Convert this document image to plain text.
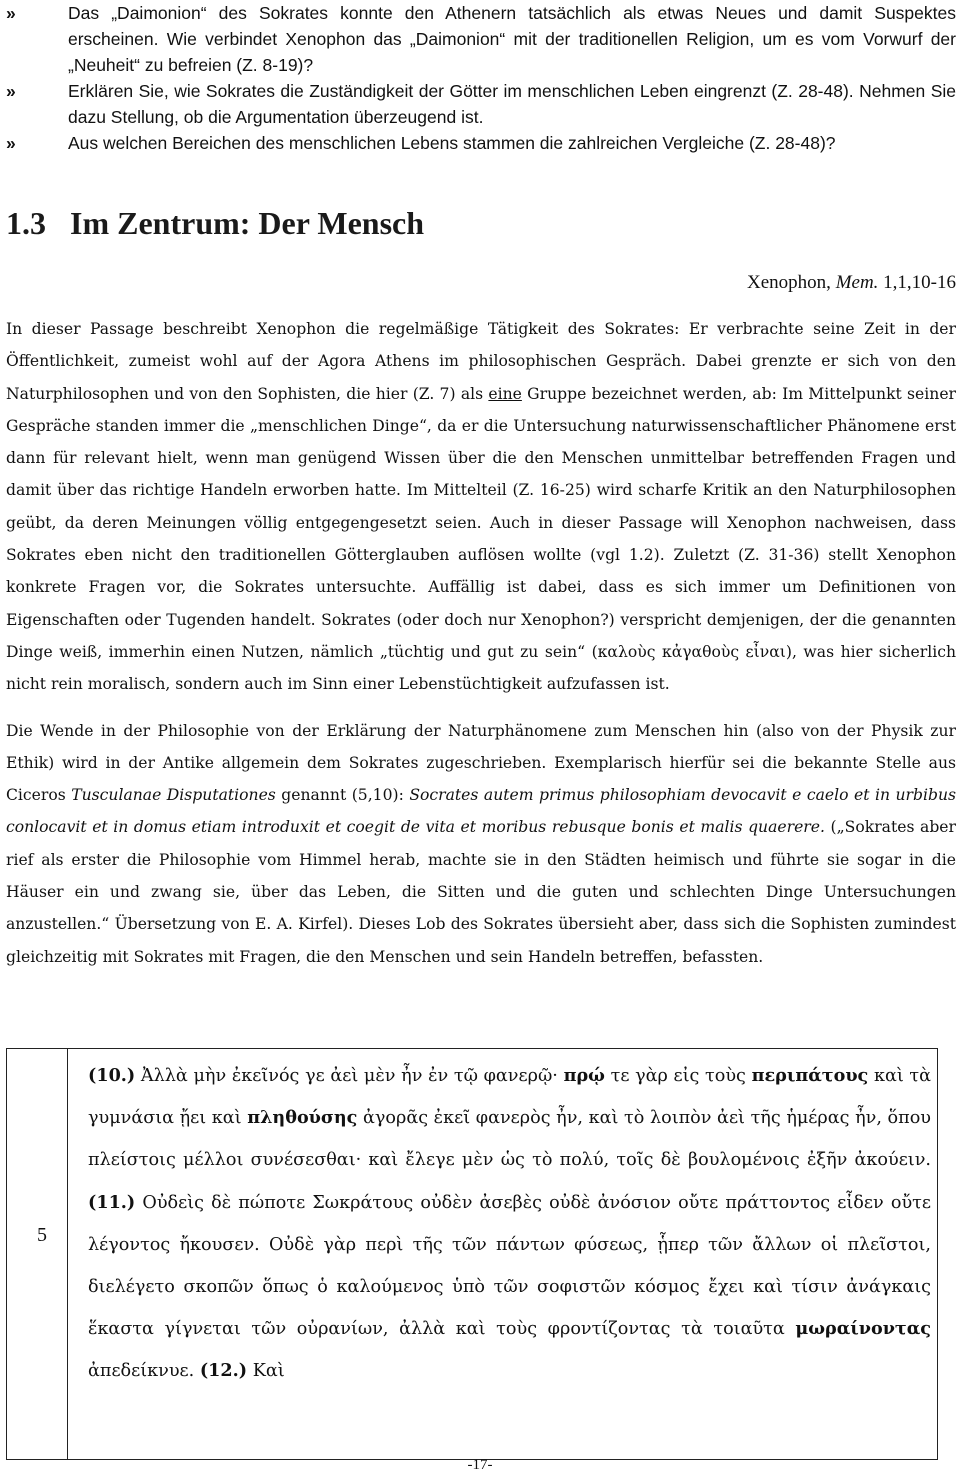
»	Das „Daimonion“ des Sokrates konnte den Athenern tatsächlich als etwas Neues und damit Suspektes erscheinen. Wie verbindet Xenophon das „Daimonion“ mit der traditionellen Religion, um es vom Vorwurf der „Neuheit“ zu befreien (Z. 8-19)?
»	Erklären Sie, wie Sokrates die Zuständigkeit der Götter im menschlichen Leben eingrenzt (Z. 28-48). Nehmen Sie dazu Stellung, ob die Argumentation überzeugend ist.
»	Aus welchen Bereichen des menschlichen Lebens stammen die zahlreichen Vergleiche (Z. 28-48)?
1.3 Im Zentrum: Der Mensch
Xenophon, Mem. 1,1,10-16

In dieser Passage beschreibt Xenophon die regelmäßige Tätigkeit des Sokrates: Er verbrachte seine Zeit in der Öffentlichkeit, zumeist wohl auf der Agora Athens im philosophischen Gespräch. Dabei grenzte er sich von den Naturphilosophen und von den Sophisten, die hier (Z. 7) als eine Gruppe bezeichnet werden, ab: Im Mittelpunkt seiner Gespräche standen immer die „menschlichen Dinge“, da er die Untersuchung naturwissenschaftlicher Phänomene erst dann für relevant hielt, wenn man genügend Wissen über die den Menschen unmittelbar betreffenden Fragen und damit über das richtige Handeln erworben hatte. Im Mittelteil (Z. 16-25) wird scharfe Kritik an den Naturphilosophen geübt, da deren Meinungen völlig entgegengesetzt seien. Auch in dieser Passage will Xenophon nachweisen, dass Sokrates eben nicht den traditionellen Götterglauben auflösen wollte (vgl 1.2). Zuletzt (Z. 31-36) stellt Xenophon konkrete Fragen vor, die Sokrates untersuchte. Auffällig ist dabei, dass es sich immer um Definitionen von Eigenschaften oder Tugenden handelt. Sokrates (oder doch nur Xenophon?) verspricht demjenigen, der die genannten Dinge weiß, immerhin einen Nutzen, nämlich „tüchtig und gut zu sein“ (καλοὺς κἀγαθοὺς εἶναι), was hier sicherlich nicht rein moralisch, sondern auch im Sinn einer Lebenstüchtigkeit aufzufassen ist.

Die Wende in der Philosophie von der Erklärung der Naturphänomene zum Menschen hin (also von der Physik zur Ethik) wird in der Antike allgemein dem Sokrates zugeschrieben. Exemplarisch hierfür sei die bekannte Stelle aus Ciceros Tusculanae Disputationes genannt (5,10): Socrates autem primus philosophiam devocavit e caelo et in urbibus conlocavit et in domus etiam introduxit et coegit de vita et moribus rebusque bonis et malis quaerere. („Sokrates aber rief als erster die Philosophie vom Himmel herab, machte sie in den Städten heimisch und führte sie sogar in die Häuser ein und zwang sie, über das Leben, die Sitten und die guten und schlechten Dinge Untersuchungen anzustellen.“ Übersetzung von E. A. Kirfel). Dieses Lob des Sokrates übersieht aber, dass sich die Sophisten zumindest gleichzeitig mit Sokrates mit Fragen, die den Menschen und sein Handeln betreffen, befassten.

5
(10.) Ἀλλὰ μὴν ἐκεῖνός γε ἀεὶ μὲν ἦν ἐν τῷ φανερῷ· πρῴ τε γὰρ εἰς τοὺς περιπάτους καὶ τὰ γυμνάσια ᾔει καὶ πληθούσης ἀγορᾶς ἐκεῖ φανερὸς ἦν, καὶ τὸ λοιπὸν ἀεὶ τῆς ἡμέρας ἦν, ὅπου πλείστοις μέλλοι συνέσεσθαι· καὶ ἔλεγε μὲν ὡς τὸ πολύ, τοῖς δὲ βουλομένοις ἐξῆν ἀκούειν. (11.) Οὐδεὶς δὲ πώποτε Σωκράτους οὐδὲν ἀσεβὲς οὐδὲ ἀνόσιον οὔτε πράττοντος εἶδεν οὔτε λέγοντος ἤκουσεν. Οὐδὲ γὰρ περὶ τῆς τῶν πάντων φύσεως, ᾗπερ τῶν ἄλλων οἱ πλεῖστοι, διελέγετο σκοπῶν ὅπως ὁ καλούμενος ὑπὸ τῶν σοφιστῶν κόσμος ἔχει καὶ τίσιν ἀνάγκαις ἕκαστα γίγνεται τῶν οὐρανίων, ἀλλὰ καὶ τοὺς φροντίζοντας τὰ τοιαῦτα μωραίνοντας ἀπεδείκνυε. (12.) Καὶ
-17-
